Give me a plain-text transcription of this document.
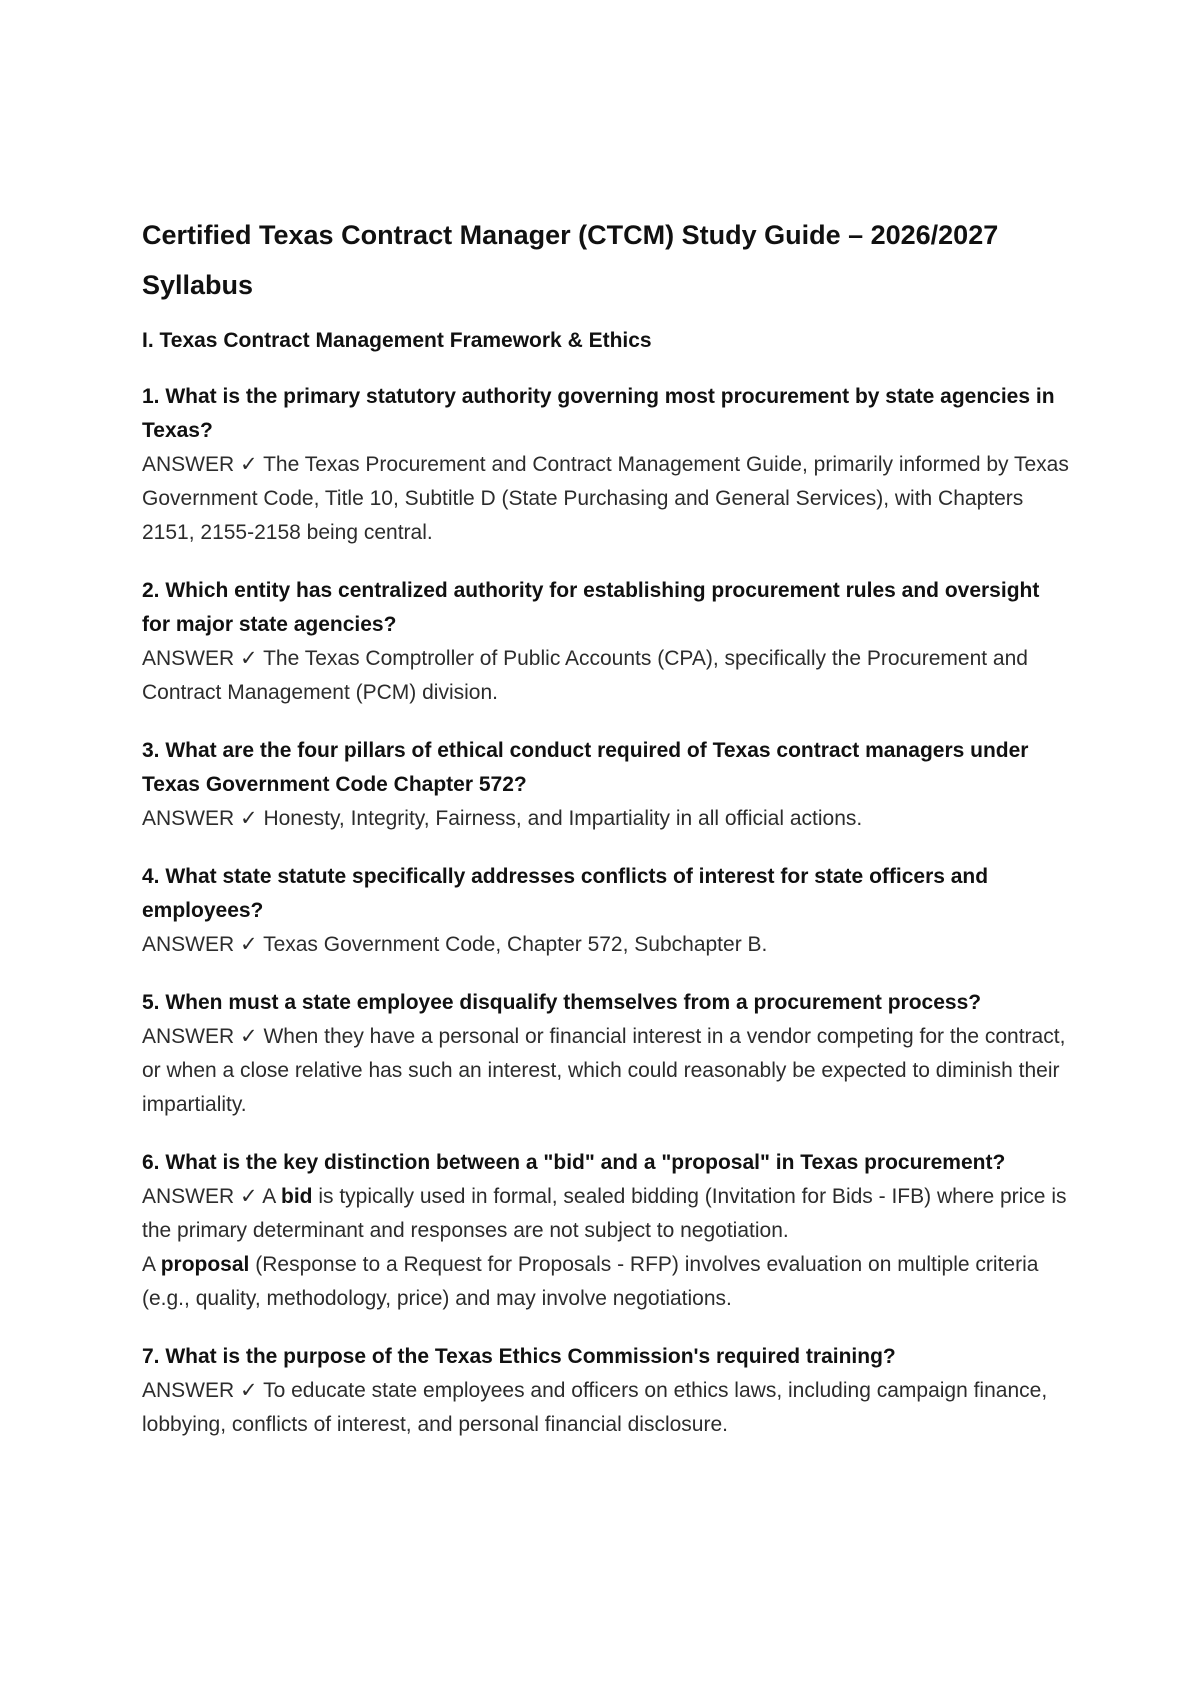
Certified Texas Contract Manager (CTCM) Study Guide – 2026/2027 Syllabus
I. Texas Contract Management Framework & Ethics

1. What is the primary statutory authority governing most procurement by state agencies in Texas?

ANSWER ✓ The Texas Procurement and Contract Management Guide, primarily informed by Texas Government Code, Title 10, Subtitle D (State Purchasing and General Services), with Chapters 2151, 2155-2158 being central.

2. Which entity has centralized authority for establishing procurement rules and oversight for major state agencies?

ANSWER ✓ The Texas Comptroller of Public Accounts (CPA), specifically the Procurement and Contract Management (PCM) division.

3. What are the four pillars of ethical conduct required of Texas contract managers under Texas Government Code Chapter 572?

ANSWER ✓ Honesty, Integrity, Fairness, and Impartiality in all official actions.

4. What state statute specifically addresses conflicts of interest for state officers and employees?

ANSWER ✓ Texas Government Code, Chapter 572, Subchapter B.

5. When must a state employee disqualify themselves from a procurement process?

ANSWER ✓ When they have a personal or financial interest in a vendor competing for the contract, or when a close relative has such an interest, which could reasonably be expected to diminish their impartiality.

6. What is the key distinction between a "bid" and a "proposal" in Texas procurement?

ANSWER ✓ A bid is typically used in formal, sealed bidding (Invitation for Bids - IFB) where price is the primary determinant and responses are not subject to negotiation.
A proposal (Response to a Request for Proposals - RFP) involves evaluation on multiple criteria (e.g., quality, methodology, price) and may involve negotiations.

7. What is the purpose of the Texas Ethics Commission's required training?

ANSWER ✓ To educate state employees and officers on ethics laws, including campaign finance, lobbying, conflicts of interest, and personal financial disclosure.
